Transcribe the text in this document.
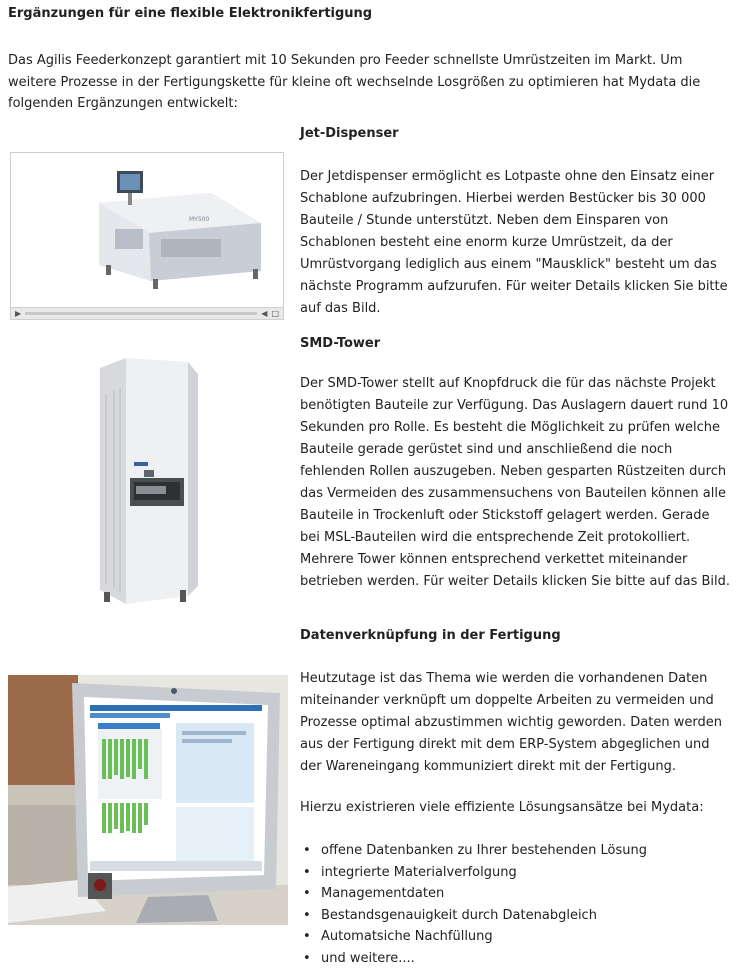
Ergänzungen für eine flexible Elektronikfertigung
Das Agilis Feederkonzept garantiert mit 10 Sekunden pro Feeder schnellste Umrüstzeiten im Markt. Um weitere Prozesse in der Fertigungskette für kleine oft wechselnde Losgrößen zu optimieren hat Mydata die folgenden Ergänzungen entwickelt:
Jet-Dispenser
MY500
▶	◀ □
Der Jetdispenser ermöglicht es Lotpaste ohne den Einsatz einer Schablone aufzubringen. Hierbei werden Bestücker bis 30 000 Bauteile / Stunde unterstützt. Neben dem Einsparen von Schablonen besteht eine enorm kurze Umrüstzeit, da der Umrüstvorgang lediglich aus einem "Mausklick" besteht um das nächste Programm aufzurufen. Für weiter Details klicken Sie bitte auf das Bild.
SMD-Tower
Der SMD-Tower stellt auf Knopfdruck die für das nächste Projekt benötigten Bauteile zur Verfügung. Das Auslagern dauert rund 10 Sekunden pro Rolle. Es besteht die Möglichkeit zu prüfen welche Bauteile gerade gerüstet sind und anschließend die noch fehlenden Rollen auszugeben. Neben gesparten Rüstzeiten durch das Vermeiden des zusammensuchens von Bauteilen können alle Bauteile in Trockenluft oder Stickstoff gelagert werden. Gerade bei MSL-Bauteilen wird die entsprechende Zeit protokolliert. Mehrere Tower können entsprechend verkettet miteinander betrieben werden. Für weiter Details klicken Sie bitte auf das Bild.
Datenverknüpfung in der Fertigung
Heutzutage ist das Thema wie werden die vorhandenen Daten miteinander verknüpft um doppelte Arbeiten zu vermeiden und Prozesse optimal abzustimmen wichtig geworden. Daten werden aus der Fertigung direkt mit dem ERP-System abgeglichen und der Wareneingang kommuniziert direkt mit der Fertigung.
Hierzu existrieren viele effiziente Lösungsansätze bei Mydata:
• offene Datenbanken zu Ihrer bestehenden Lösung
• integrierte Materialverfolgung
• Managementdaten
• Bestandsgenauigkeit durch Datenabgleich
• Automatsiche Nachfüllung
• und weitere....
